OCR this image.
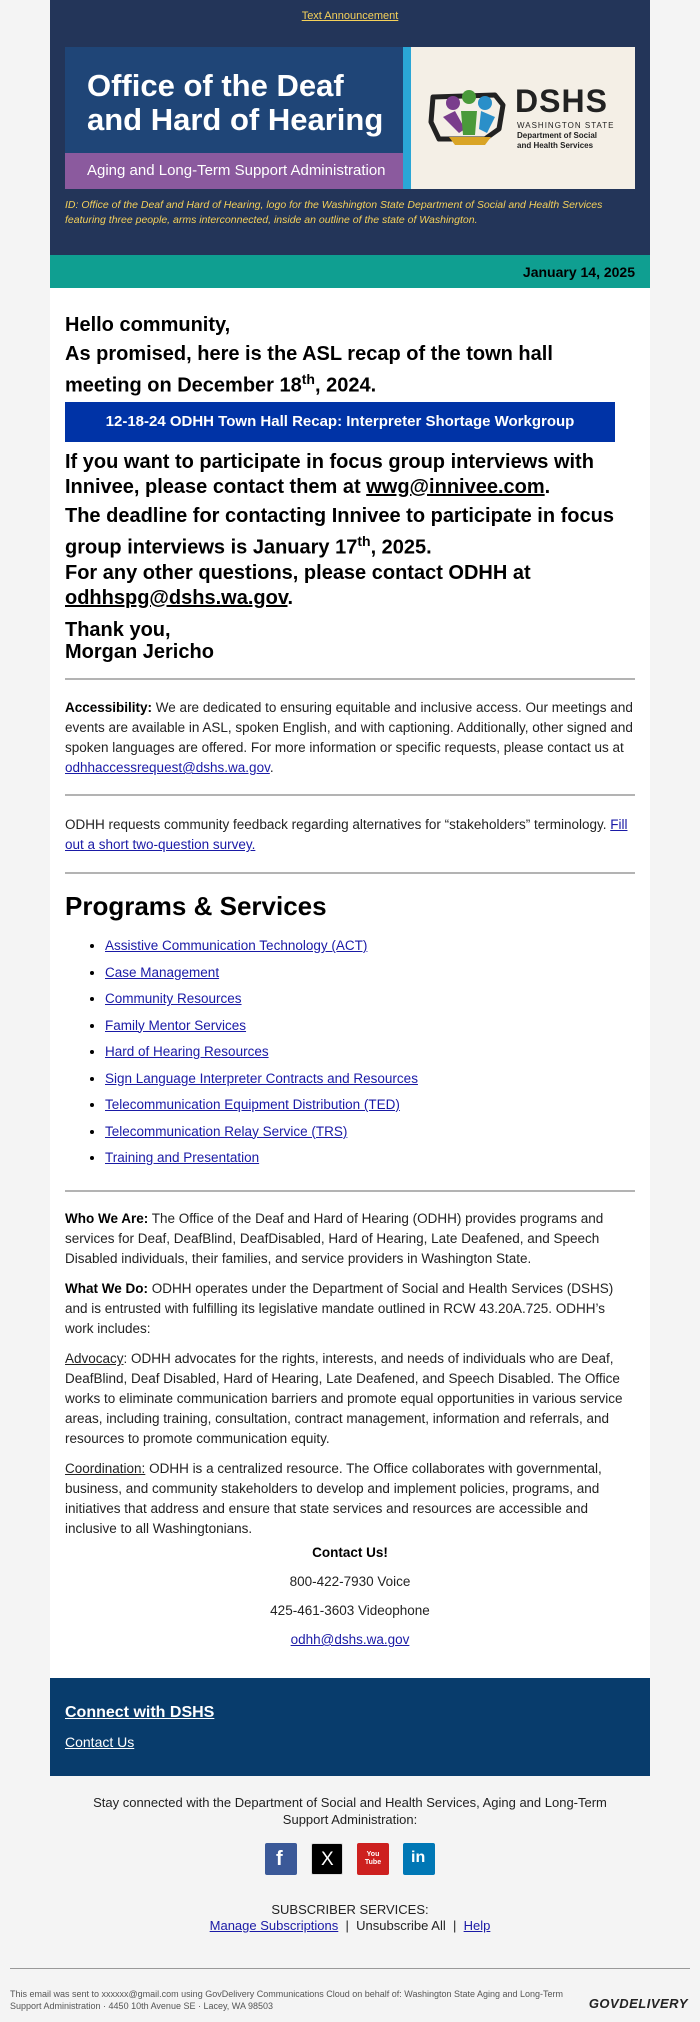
Text Announcement
Office of the Deaf and Hard of Hearing
Aging and Long-Term Support Administration
DSHS
WASHINGTON STATE
Department of Social
and Health Services
ID: Office of the Deaf and Hard of Hearing, logo for the Washington State Department of Social and Health Services featuring three people, arms interconnected, inside an outline of the state of Washington.
January 14, 2025
Hello community,
As promised, here is the ASL recap of the town hall meeting on December 18th, 2024.
12-18-24 ODHH Town Hall Recap: Interpreter Shortage Workgroup
If you want to participate in focus group interviews with Innivee, please contact them at wwg@innivee.com.
The deadline for contacting Innivee to participate in focus group interviews is January 17th, 2025.
For any other questions, please contact ODHH at odhhspg@dshs.wa.gov.
Thank you,
Morgan Jericho
Accessibility: We are dedicated to ensuring equitable and inclusive access. Our meetings and events are available in ASL, spoken English, and with captioning. Additionally, other signed and spoken languages are offered. For more information or specific requests, please contact us at odhhaccessrequest@dshs.wa.gov.
ODHH requests community feedback regarding alternatives for “stakeholders” terminology. Fill out a short two-question survey.
Programs & Services
• Assistive Communication Technology (ACT)
• Case Management
• Community Resources
• Family Mentor Services
• Hard of Hearing Resources
• Sign Language Interpreter Contracts and Resources
• Telecommunication Equipment Distribution (TED)
• Telecommunication Relay Service (TRS)
• Training and Presentation
Who We Are: The Office of the Deaf and Hard of Hearing (ODHH) provides programs and services for Deaf, DeafBlind, DeafDisabled, Hard of Hearing, Late Deafened, and Speech Disabled individuals, their families, and service providers in Washington State.
What We Do: ODHH operates under the Department of Social and Health Services (DSHS) and is entrusted with fulfilling its legislative mandate outlined in RCW 43.20A.725. ODHH’s work includes:
Advocacy: ODHH advocates for the rights, interests, and needs of individuals who are Deaf, DeafBlind, Deaf Disabled, Hard of Hearing, Late Deafened, and Speech Disabled. The Office works to eliminate communication barriers and promote equal opportunities in various service areas, including training, consultation, contract management, information and referrals, and resources to promote communication equity.
Coordination: ODHH is a centralized resource. The Office collaborates with governmental, business, and community stakeholders to develop and implement policies, programs, and initiatives that address and ensure that state services and resources are accessible and inclusive to all Washingtonians.
Contact Us!
800-422-7930 Voice
425-461-3603 Videophone
odhh@dshs.wa.gov
Connect with DSHS
Contact Us
Stay connected with the Department of Social and Health Services, Aging and Long-Term Support Administration:
f X	You Tube	in
SUBSCRIBER SERVICES:
Manage Subscriptions | Unsubscribe All | Help
This email was sent to xxxxxx@gmail.com using GovDelivery Communications Cloud on behalf of: Washington State Aging and Long-Term Support Administration · 4450 10th Avenue SE · Lacey, WA 98503	GOVDELIVERY
